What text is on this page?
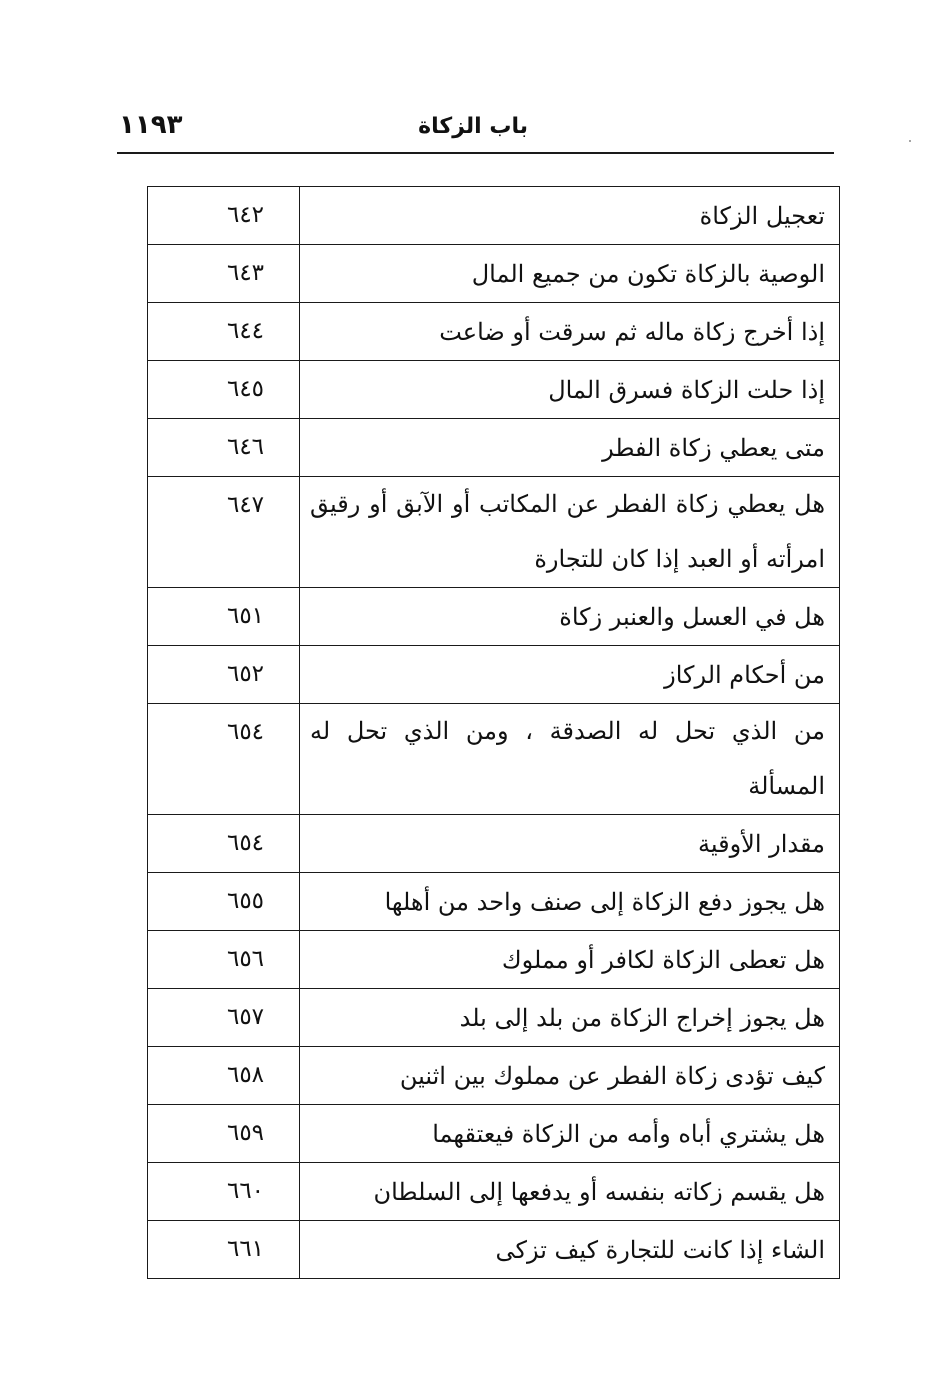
باب الزكاة
١١٩٣
تعجيل الزكاة	٦٤٢
الوصية بالزكاة تكون من جميع المال	٦٤٣
إذا أخرج زكاة ماله ثم سرقت أو ضاعت	٦٤٤
إذا حلت الزكاة فسرق المال	٦٤٥
متى يعطي زكاة الفطر	٦٤٦
هل يعطي زكاة الفطر عن المكاتب أو الآبق أو رقيق امرأته أو العبد إذا كان للتجارة	٦٤٧
هل في العسل والعنبر زكاة	٦٥١
من أحكام الركاز	٦٥٢
من الذي تحل له الصدقة ، ومن الذي تحل له المسألة	٦٥٤
مقدار الأوقية	٦٥٤
هل يجوز دفع الزكاة إلى صنف واحد من أهلها	٦٥٥
هل تعطى الزكاة لكافر أو مملوك	٦٥٦
هل يجوز إخراج الزكاة من بلد إلى بلد	٦٥٧
كيف تؤدى زكاة الفطر عن مملوك بين اثنين	٦٥٨
هل يشتري أباه وأمه من الزكاة فيعتقهما	٦٥٩
هل يقسم زكاته بنفسه أو يدفعها إلى السلطان	٦٦٠
الشاء إذا كانت للتجارة كيف تزكى	٦٦١
